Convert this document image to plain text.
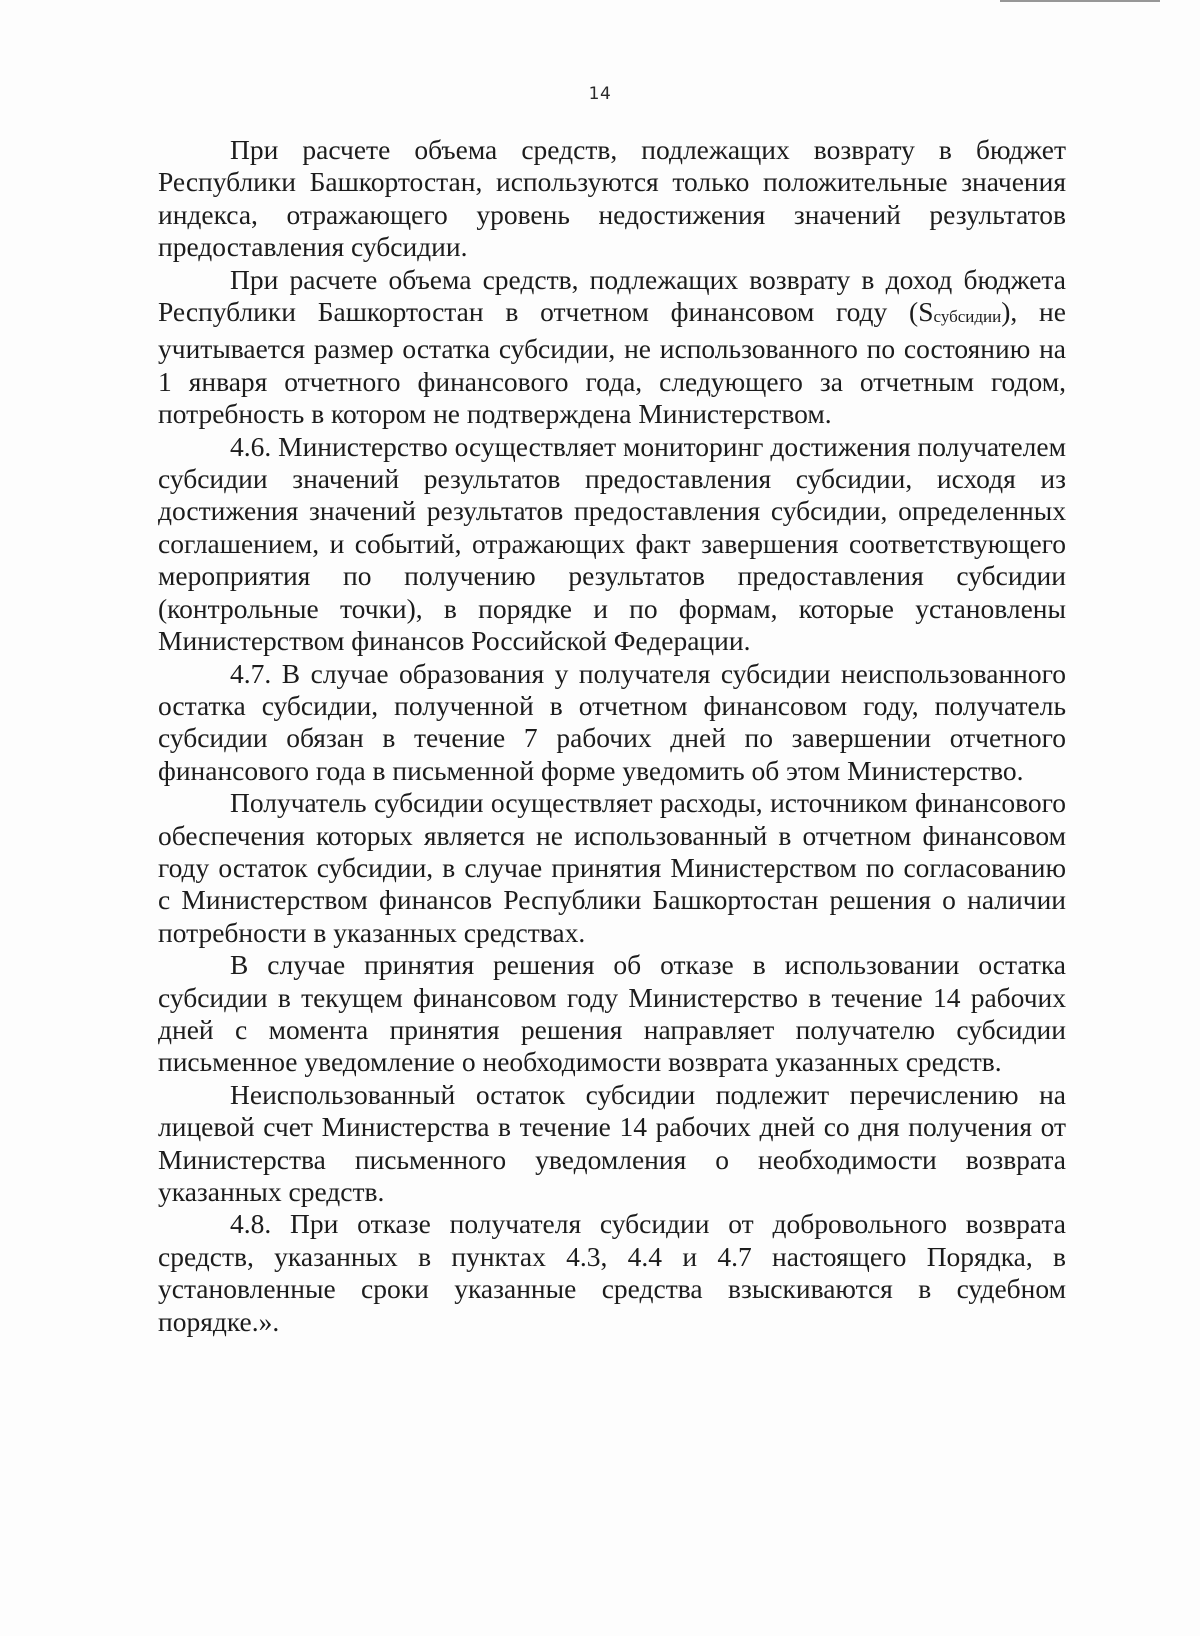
14

При расчете объема средств, подлежащих возврату в бюджет Республики Башкортостан, используются только положительные значения индекса, отражающего уровень недостижения значений результатов предоставления субсидии.

При расчете объема средств, подлежащих возврату в доход бюджета Республики Башкортостан в отчетном финансовом году (Sсубсидии), не учитывается размер остатка субсидии, не использованного по состоянию на 1 января отчетного финансового года, следующего за отчетным годом, потребность в котором не подтверждена Министерством.

4.6. Министерство осуществляет мониторинг достижения получателем субсидии значений результатов предоставления субсидии, исходя из достижения значений результатов предоставления субсидии, определенных соглашением, и событий, отражающих факт завершения соответствующего мероприятия по получению результатов предоставления субсидии (контрольные точки), в порядке и по формам, которые установлены Министерством финансов Российской Федерации.

4.7. В случае образования у получателя субсидии неиспользованного остатка субсидии, полученной в отчетном финансовом году, получатель субсидии обязан в течение 7 рабочих дней по завершении отчетного финансового года в письменной форме уведомить об этом Министерство.

Получатель субсидии осуществляет расходы, источником финансового обеспечения которых является не использованный в отчетном финансовом году остаток субсидии, в случае принятия Министерством по согласованию с Министерством финансов Республики Башкортостан решения о наличии потребности в указанных средствах.

В случае принятия решения об отказе в использовании остатка субсидии в текущем финансовом году Министерство в течение 14 рабочих дней с момента принятия решения направляет получателю субсидии письменное уведомление о необходимости возврата указанных средств.

Неиспользованный остаток субсидии подлежит перечислению на лицевой счет Министерства в течение 14 рабочих дней со дня получения от Министерства письменного уведомления о необходимости возврата указанных средств.

4.8. При отказе получателя субсидии от добровольного возврата средств, указанных в пунктах 4.3, 4.4 и 4.7 настоящего Порядка, в установленные сроки указанные средства взыскиваются в судебном порядке.».
